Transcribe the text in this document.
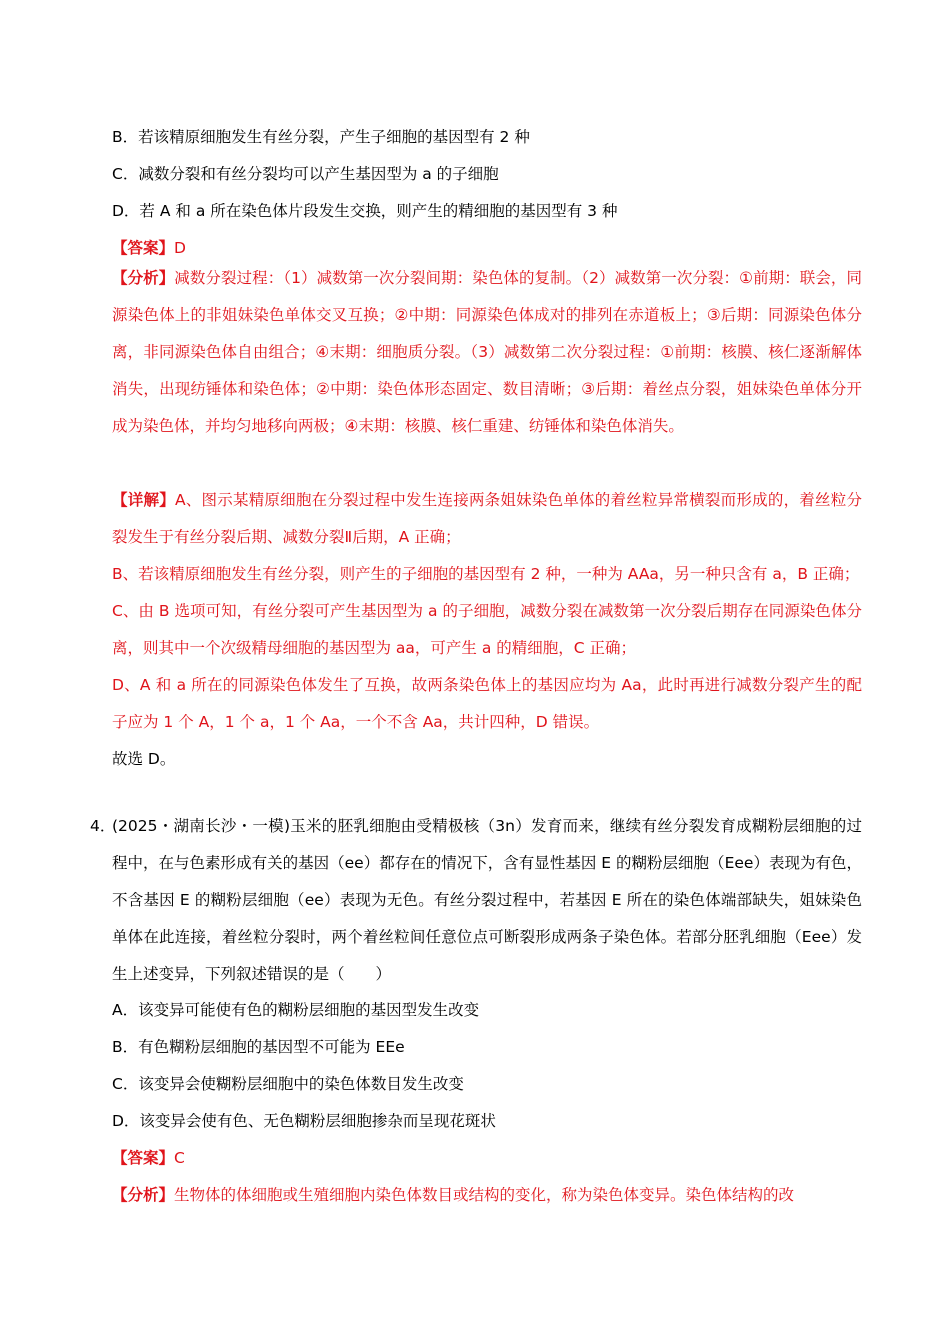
B．若该精原细胞发生有丝分裂，产生子细胞的基因型有 2 种
C．减数分裂和有丝分裂均可以产生基因型为 a 的子细胞
D．若 A 和 a 所在染色体片段发生交换，则产生的精细胞的基因型有 3 种
【答案】D
【分析】减数分裂过程：（1）减数第一次分裂间期：染色体的复制。（2）减数第一次分裂：①前期：联会，同源染色体上的非姐妹染色单体交叉互换；②中期：同源染色体成对的排列在赤道板上；③后期：同源染色体分离，非同源染色体自由组合；④末期：细胞质分裂。（3）减数第二次分裂过程：①前期：核膜、核仁逐渐解体消失，出现纺锤体和染色体；②中期：染色体形态固定、数目清晰；③后期：着丝点分裂，姐妹染色单体分开成为染色体，并均匀地移向两极；④末期：核膜、核仁重建、纺锤体和染色体消失。
【详解】A、图示某精原细胞在分裂过程中发生连接两条姐妹染色单体的着丝粒异常横裂而形成的，着丝粒分裂发生于有丝分裂后期、减数分裂Ⅱ后期，A 正确；
B、若该精原细胞发生有丝分裂，则产生的子细胞的基因型有 2 种，一种为 AAa，另一种只含有 a，B 正确；
C、由 B 选项可知，有丝分裂可产生基因型为 a 的子细胞，减数分裂在减数第一次分裂后期存在同源染色体分离，则其中一个次级精母细胞的基因型为 aa，可产生 a 的精细胞，C 正确；
D、A 和 a 所在的同源染色体发生了互换，故两条染色体上的基因应均为 Aa，此时再进行减数分裂产生的配子应为 1 个 A，1 个 a，1 个 Aa，一个不含 Aa，共计四种，D 错误。
故选 D。
4．
(2025・湖南长沙・一模)玉米的胚乳细胞由受精极核（3n）发育而来，继续有丝分裂发育成糊粉层细胞的过程中，在与色素形成有关的基因（ee）都存在的情况下，含有显性基因 E 的糊粉层细胞（Eee）表现为有色，不含基因 E 的糊粉层细胞（ee）表现为无色。有丝分裂过程中，若基因 E 所在的染色体端部缺失，姐妹染色单体在此连接，着丝粒分裂时，两个着丝粒间任意位点可断裂形成两条子染色体。若部分胚乳细胞（Eee）发生上述变异，下列叙述错误的是（　　）
A．该变异可能使有色的糊粉层细胞的基因型发生改变
B．有色糊粉层细胞的基因型不可能为 EEe
C．该变异会使糊粉层细胞中的染色体数目发生改变
D．该变异会使有色、无色糊粉层细胞掺杂而呈现花斑状
【答案】C
【分析】生物体的体细胞或生殖细胞内染色体数目或结构的变化，称为染色体变异。染色体结构的改
